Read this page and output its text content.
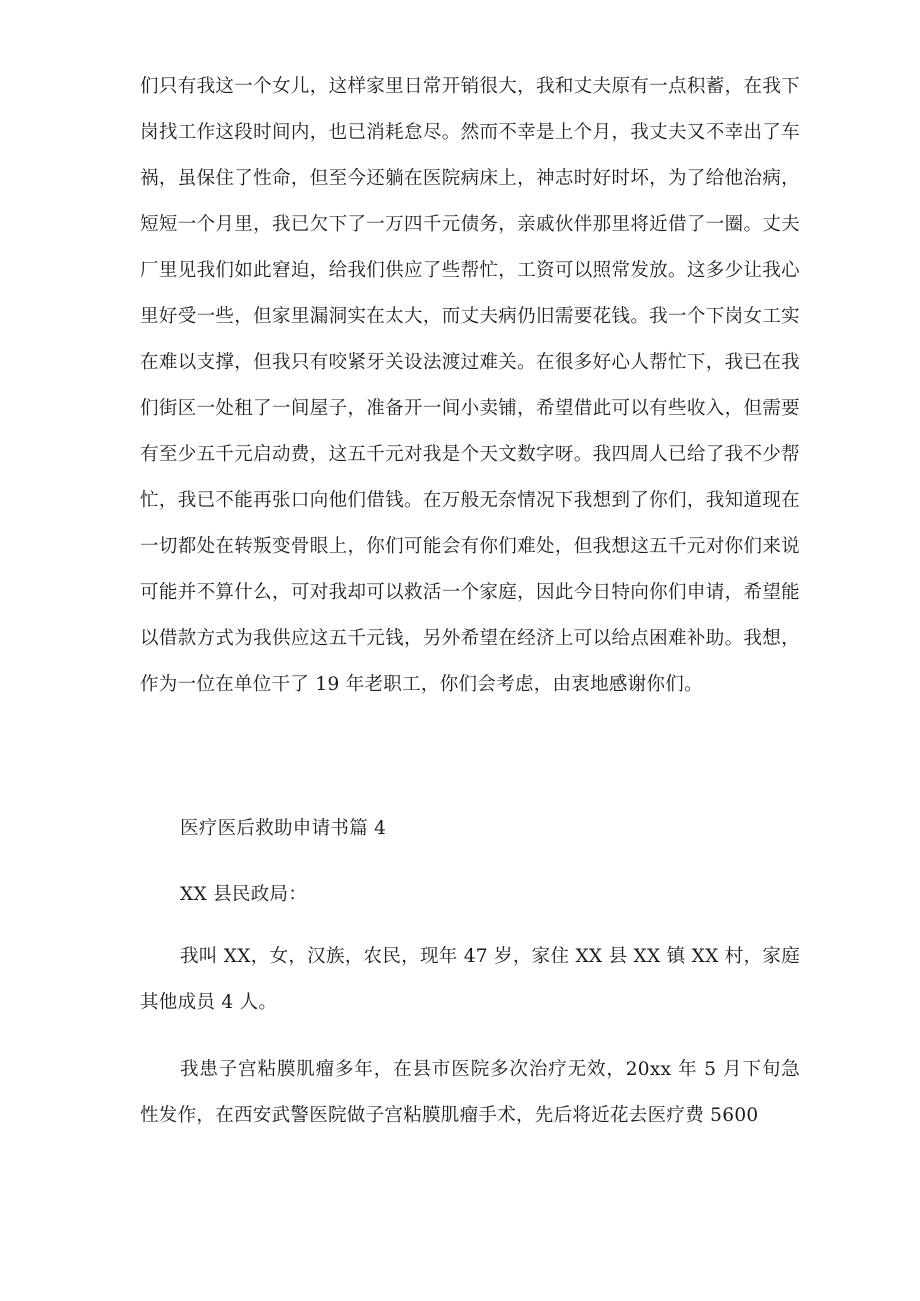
们只有我这一个女儿，这样家里日常开销很大，我和丈夫原有一点积蓄，在我下岗找工作这段时间内，也已消耗怠尽。然而不幸是上个月，我丈夫又不幸出了车祸，虽保住了性命，但至今还躺在医院病床上，神志时好时坏，为了给他治病，短短一个月里，我已欠下了一万四千元债务，亲戚伙伴那里将近借了一圈。丈夫厂里见我们如此窘迫，给我们供应了些帮忙，工资可以照常发放。这多少让我心里好受一些，但家里漏洞实在太大，而丈夫病仍旧需要花钱。我一个下岗女工实在难以支撑，但我只有咬紧牙关设法渡过难关。在很多好心人帮忙下，我已在我们街区一处租了一间屋子，准备开一间小卖铺，希望借此可以有些收入，但需要有至少五千元启动费，这五千元对我是个天文数字呀。我四周人已给了我不少帮忙，我已不能再张口向他们借钱。在万般无奈情况下我想到了你们，我知道现在一切都处在转叛变骨眼上，你们可能会有你们难处，但我想这五千元对你们来说可能并不算什么，可对我却可以救活一个家庭，因此今日特向你们申请，希望能以借款方式为我供应这五千元钱，另外希望在经济上可以给点困难补助。我想，作为一位在单位干了 19 年老职工，你们会考虑，由衷地感谢你们。

医疗医后救助申请书篇 4

XX 县民政局：

我叫 XX，女，汉族，农民，现年 47 岁，家住 XX 县 XX 镇 XX 村，家庭其他成员 4 人。

我患子宫粘膜肌瘤多年，在县市医院多次治疗无效，20xx 年 5 月下旬急性发作，在西安武警医院做子宫粘膜肌瘤手术，先后将近花去医疗费 5600
